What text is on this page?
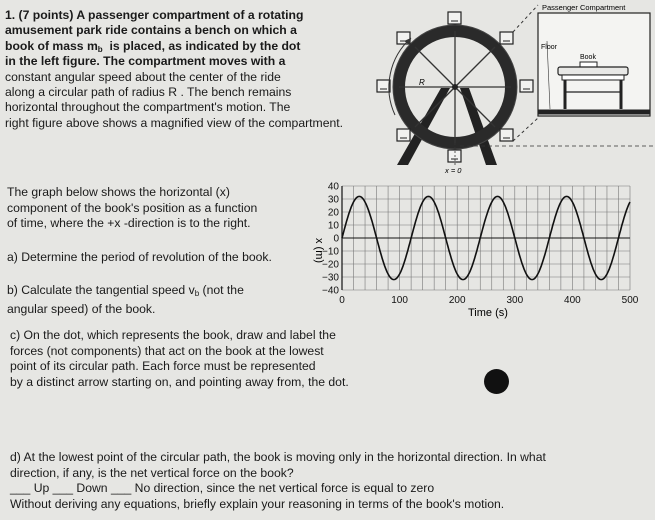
1. (7 points) A passenger compartment of a rotating
amusement park ride contains a bench on which a
book of mass $m_b$ is placed, as indicated by the dot
in the left figure. The compartment moves with a
constant angular speed about the center of the ride
along a circular path of radius R . The bench remains
horizontal throughout the compartment's motion. The
right figure above shows a magnified view of the compartment.
R
x = 0
Passenger Compartment
Floor
Book
The graph below shows the horizontal (x)
component of the book's position as a function
of time, where the +x -direction is to the right.
a) Determine the period of revolution of the book.
b) Calculate the tangential speed $v_b$ (not the
angular speed) of the book.
40
30
20
10
0
−10
−20
−30
−40
0	100	200	300	400	500
x (m)
Time (s)
c) On the dot, which represents the book, draw and label the
forces (not components) that act on the book at the lowest
point of its circular path. Each force must be represented
by a distinct arrow starting on, and pointing away from, the dot.
d) At the lowest point of the circular path, the book is moving only in the horizontal direction. In what
direction, if any, is the net vertical force on the book?
___ Up ___ Down ___ No direction, since the net vertical force is equal to zero
Without deriving any equations, briefly explain your reasoning in terms of the book's motion.
